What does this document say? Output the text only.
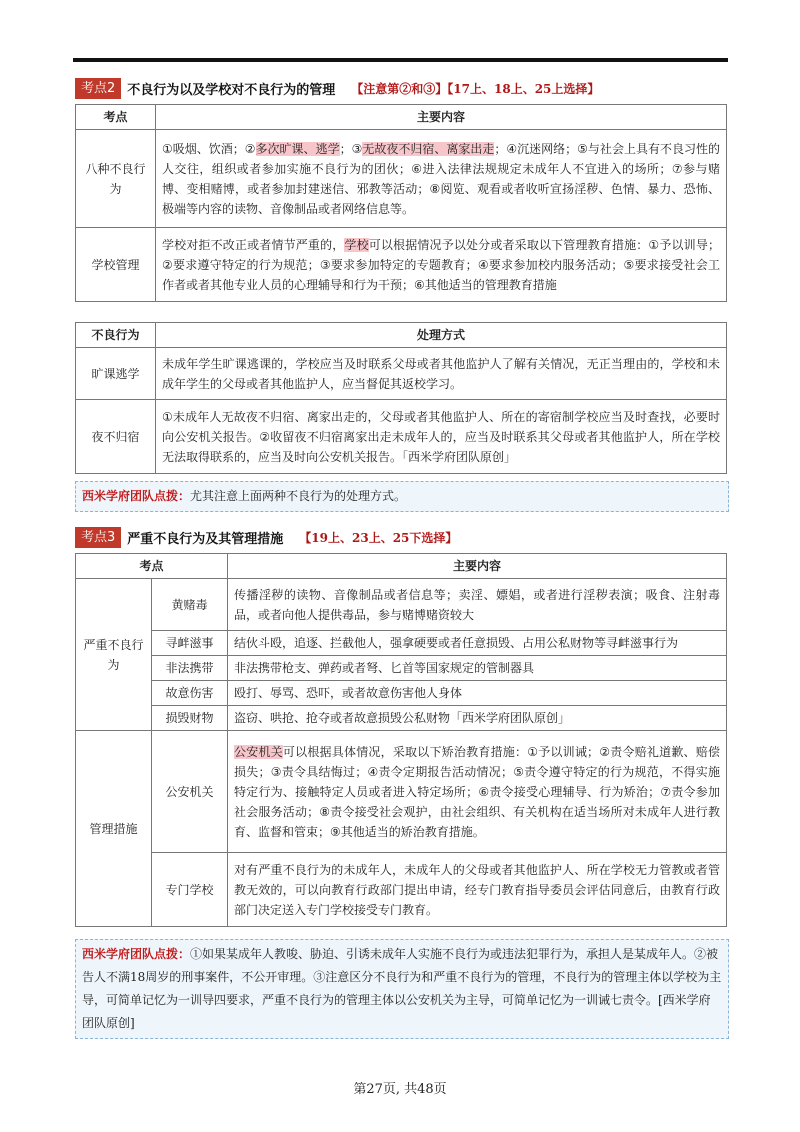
考点2 不良行为以及学校对不良行为的管理 【注意第②和③】【17上、18上、25上选择】
考点	主要内容
八种不良行为	①吸烟、饮酒；②多次旷课、逃学；③无故夜不归宿、离家出走；④沉迷网络；⑤与社会上具有不良习性的人交往，组织或者参加实施不良行为的团伙；⑥进入法律法规规定未成年人不宜进入的场所；⑦参与赌博、变相赌博，或者参加封建迷信、邪教等活动；⑧阅览、观看或者收听宣扬淫秽、色情、暴力、恐怖、极端等内容的读物、音像制品或者网络信息等。
学校管理	学校对拒不改正或者情节严重的，学校可以根据情况予以处分或者采取以下管理教育措施：①予以训导；②要求遵守特定的行为规范；③要求参加特定的专题教育；④要求参加校内服务活动；⑤要求接受社会工作者或者其他专业人员的心理辅导和行为干预；⑥其他适当的管理教育措施
不良行为	处理方式
旷课逃学	未成年学生旷课逃课的，学校应当及时联系父母或者其他监护人了解有关情况，无正当理由的，学校和未成年学生的父母或者其他监护人，应当督促其返校学习。
夜不归宿	①未成年人无故夜不归宿、离家出走的，父母或者其他监护人、所在的寄宿制学校应当及时查找，必要时向公安机关报告。②收留夜不归宿离家出走未成年人的，应当及时联系其父母或者其他监护人，所在学校无法取得联系的，应当及时向公安机关报告。「西米学府团队原创」
西米学府团队点拨：尤其注意上面两种不良行为的处理方式。
考点3 严重不良行为及其管理措施 【19上、23上、25下选择】
考点		主要内容
严重不良行为	黄赌毒	传播淫秽的读物、音像制品或者信息等；卖淫、嫖娼，或者进行淫秽表演；吸食、注射毒品，或者向他人提供毒品，参与赌博赌资较大
	寻衅滋事	结伙斗殴，追逐、拦截他人，强拿硬要或者任意损毁、占用公私财物等寻衅滋事行为
	非法携带	非法携带枪支、弹药或者弩、匕首等国家规定的管制器具
	故意伤害	殴打、辱骂、恐吓，或者故意伤害他人身体
	损毁财物	盗窃、哄抢、抢夺或者故意损毁公私财物「西米学府团队原创」
管理措施	公安机关	公安机关可以根据具体情况，采取以下矫治教育措施：①予以训诫；②责令赔礼道歉、赔偿损失；③责令具结悔过；④责令定期报告活动情况；⑤责令遵守特定的行为规范，不得实施特定行为、接触特定人员或者进入特定场所；⑥责令接受心理辅导、行为矫治；⑦责令参加社会服务活动；⑧责令接受社会观护，由社会组织、有关机构在适当场所对未成年人进行教育、监督和管束；⑨其他适当的矫治教育措施。
	专门学校	对有严重不良行为的未成年人，未成年人的父母或者其他监护人、所在学校无力管教或者管教无效的，可以向教育行政部门提出申请，经专门教育指导委员会评估同意后，由教育行政部门决定送入专门学校接受专门教育。
西米学府团队点拨：①如果某成年人教唆、胁迫、引诱未成年人实施不良行为或违法犯罪行为，承担人是某成年人。②被告人不满18周岁的刑事案件，不公开审理。③注意区分不良行为和严重不良行为的管理，不良行为的管理主体以学校为主导，可简单记忆为一训导四要求，严重不良行为的管理主体以公安机关为主导，可简单记忆为一训诫七责令。[西米学府团队原创]
第27页, 共48页
